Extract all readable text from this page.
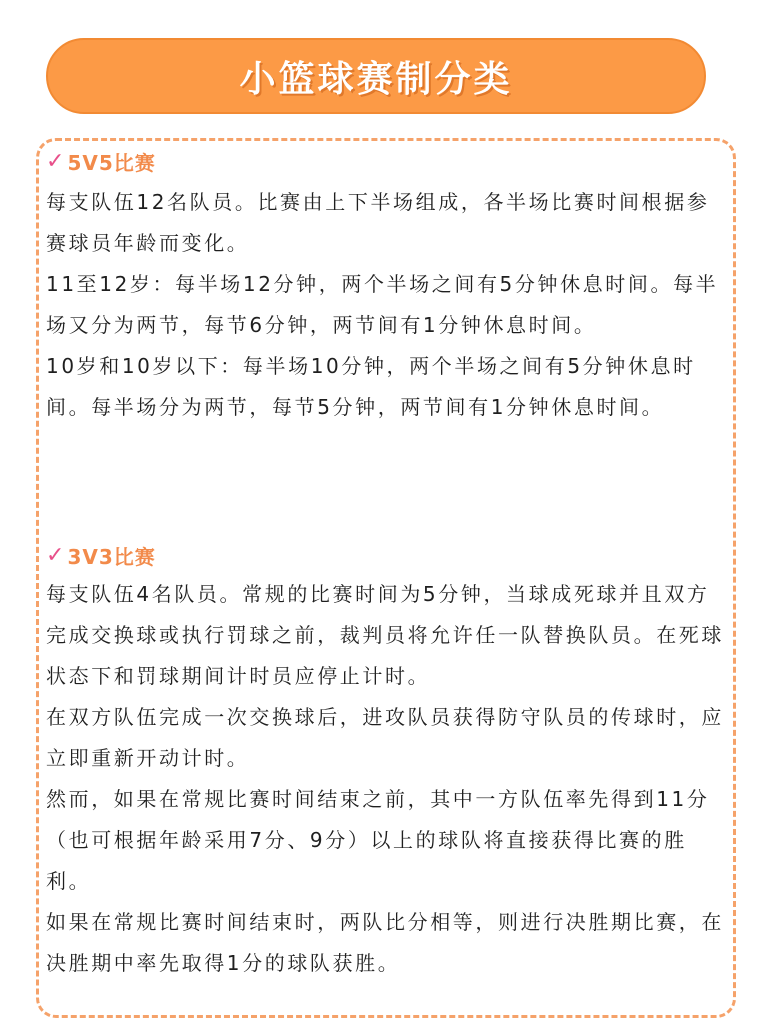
小篮球赛制分类
✓ 5V5比赛

每支队伍12名队员。比赛由上下半场组成，各半场比赛时间根据参赛球员年龄而变化。

11至12岁：每半场12分钟，两个半场之间有5分钟休息时间。每半场又分为两节，每节6分钟，两节间有1分钟休息时间。

10岁和10岁以下：每半场10分钟，两个半场之间有5分钟休息时间。每半场分为两节，每节5分钟，两节间有1分钟休息时间。

✓ 3V3比赛

每支队伍4名队员。常规的比赛时间为5分钟，当球成死球并且双方完成交换球或执行罚球之前，裁判员将允许任一队替换队员。在死球状态下和罚球期间计时员应停止计时。

在双方队伍完成一次交换球后，进攻队员获得防守队员的传球时，应立即重新开动计时。

然而，如果在常规比赛时间结束之前，其中一方队伍率先得到11分（也可根据年龄采用7分、9分）以上的球队将直接获得比赛的胜利。

如果在常规比赛时间结束时，两队比分相等，则进行决胜期比赛，在决胜期中率先取得1分的球队获胜。
